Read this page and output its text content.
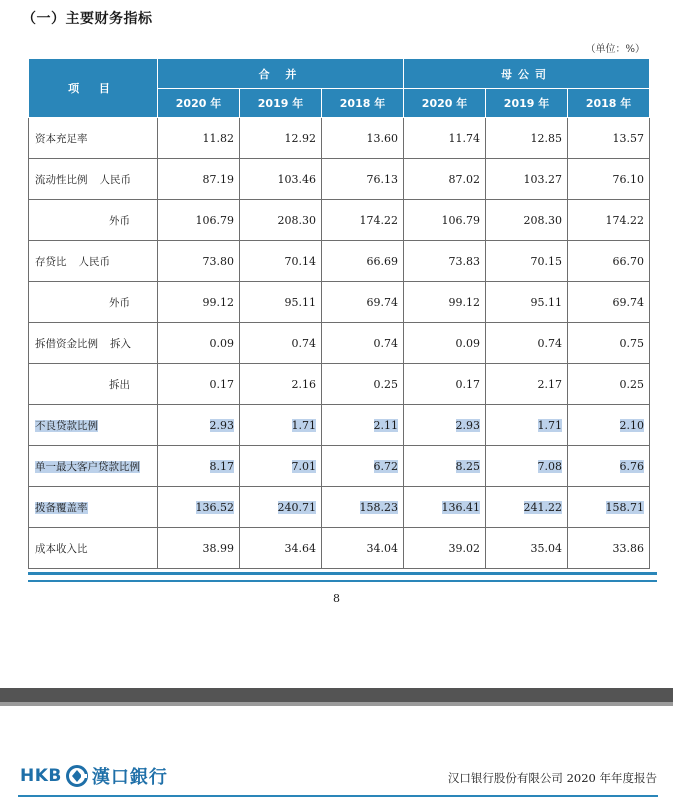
（一）主要财务指标
（单位：%）
项 目	合 并			母公司		
	2020 年	2019 年	2018 年	2020 年	2019 年	2018 年
资本充足率	11.82	12.92	13.60	11.74	12.85	13.57
流动性比例 人民币	87.19	103.46	76.13	87.02	103.27	76.10
外币	106.79	208.30	174.22	106.79	208.30	174.22
存贷比 人民币	73.80	70.14	66.69	73.83	70.15	66.70
外币	99.12	95.11	69.74	99.12	95.11	69.74
拆借资金比例 拆入	0.09	0.74	0.74	0.09	0.74	0.75
拆出	0.17	2.16	0.25	0.17	2.17	0.25
不良贷款比例	2.93	1.71	2.11	2.93	1.71	2.10
单一最大客户贷款比例	8.17	7.01	6.72	8.25	7.08	6.76
拨备覆盖率	136.52	240.71	158.23	136.41	241.22	158.71
成本收入比	38.99	34.64	34.04	39.02	35.04	33.86
8
HKB 漢口銀行	汉口银行股份有限公司 2020 年年度报告
